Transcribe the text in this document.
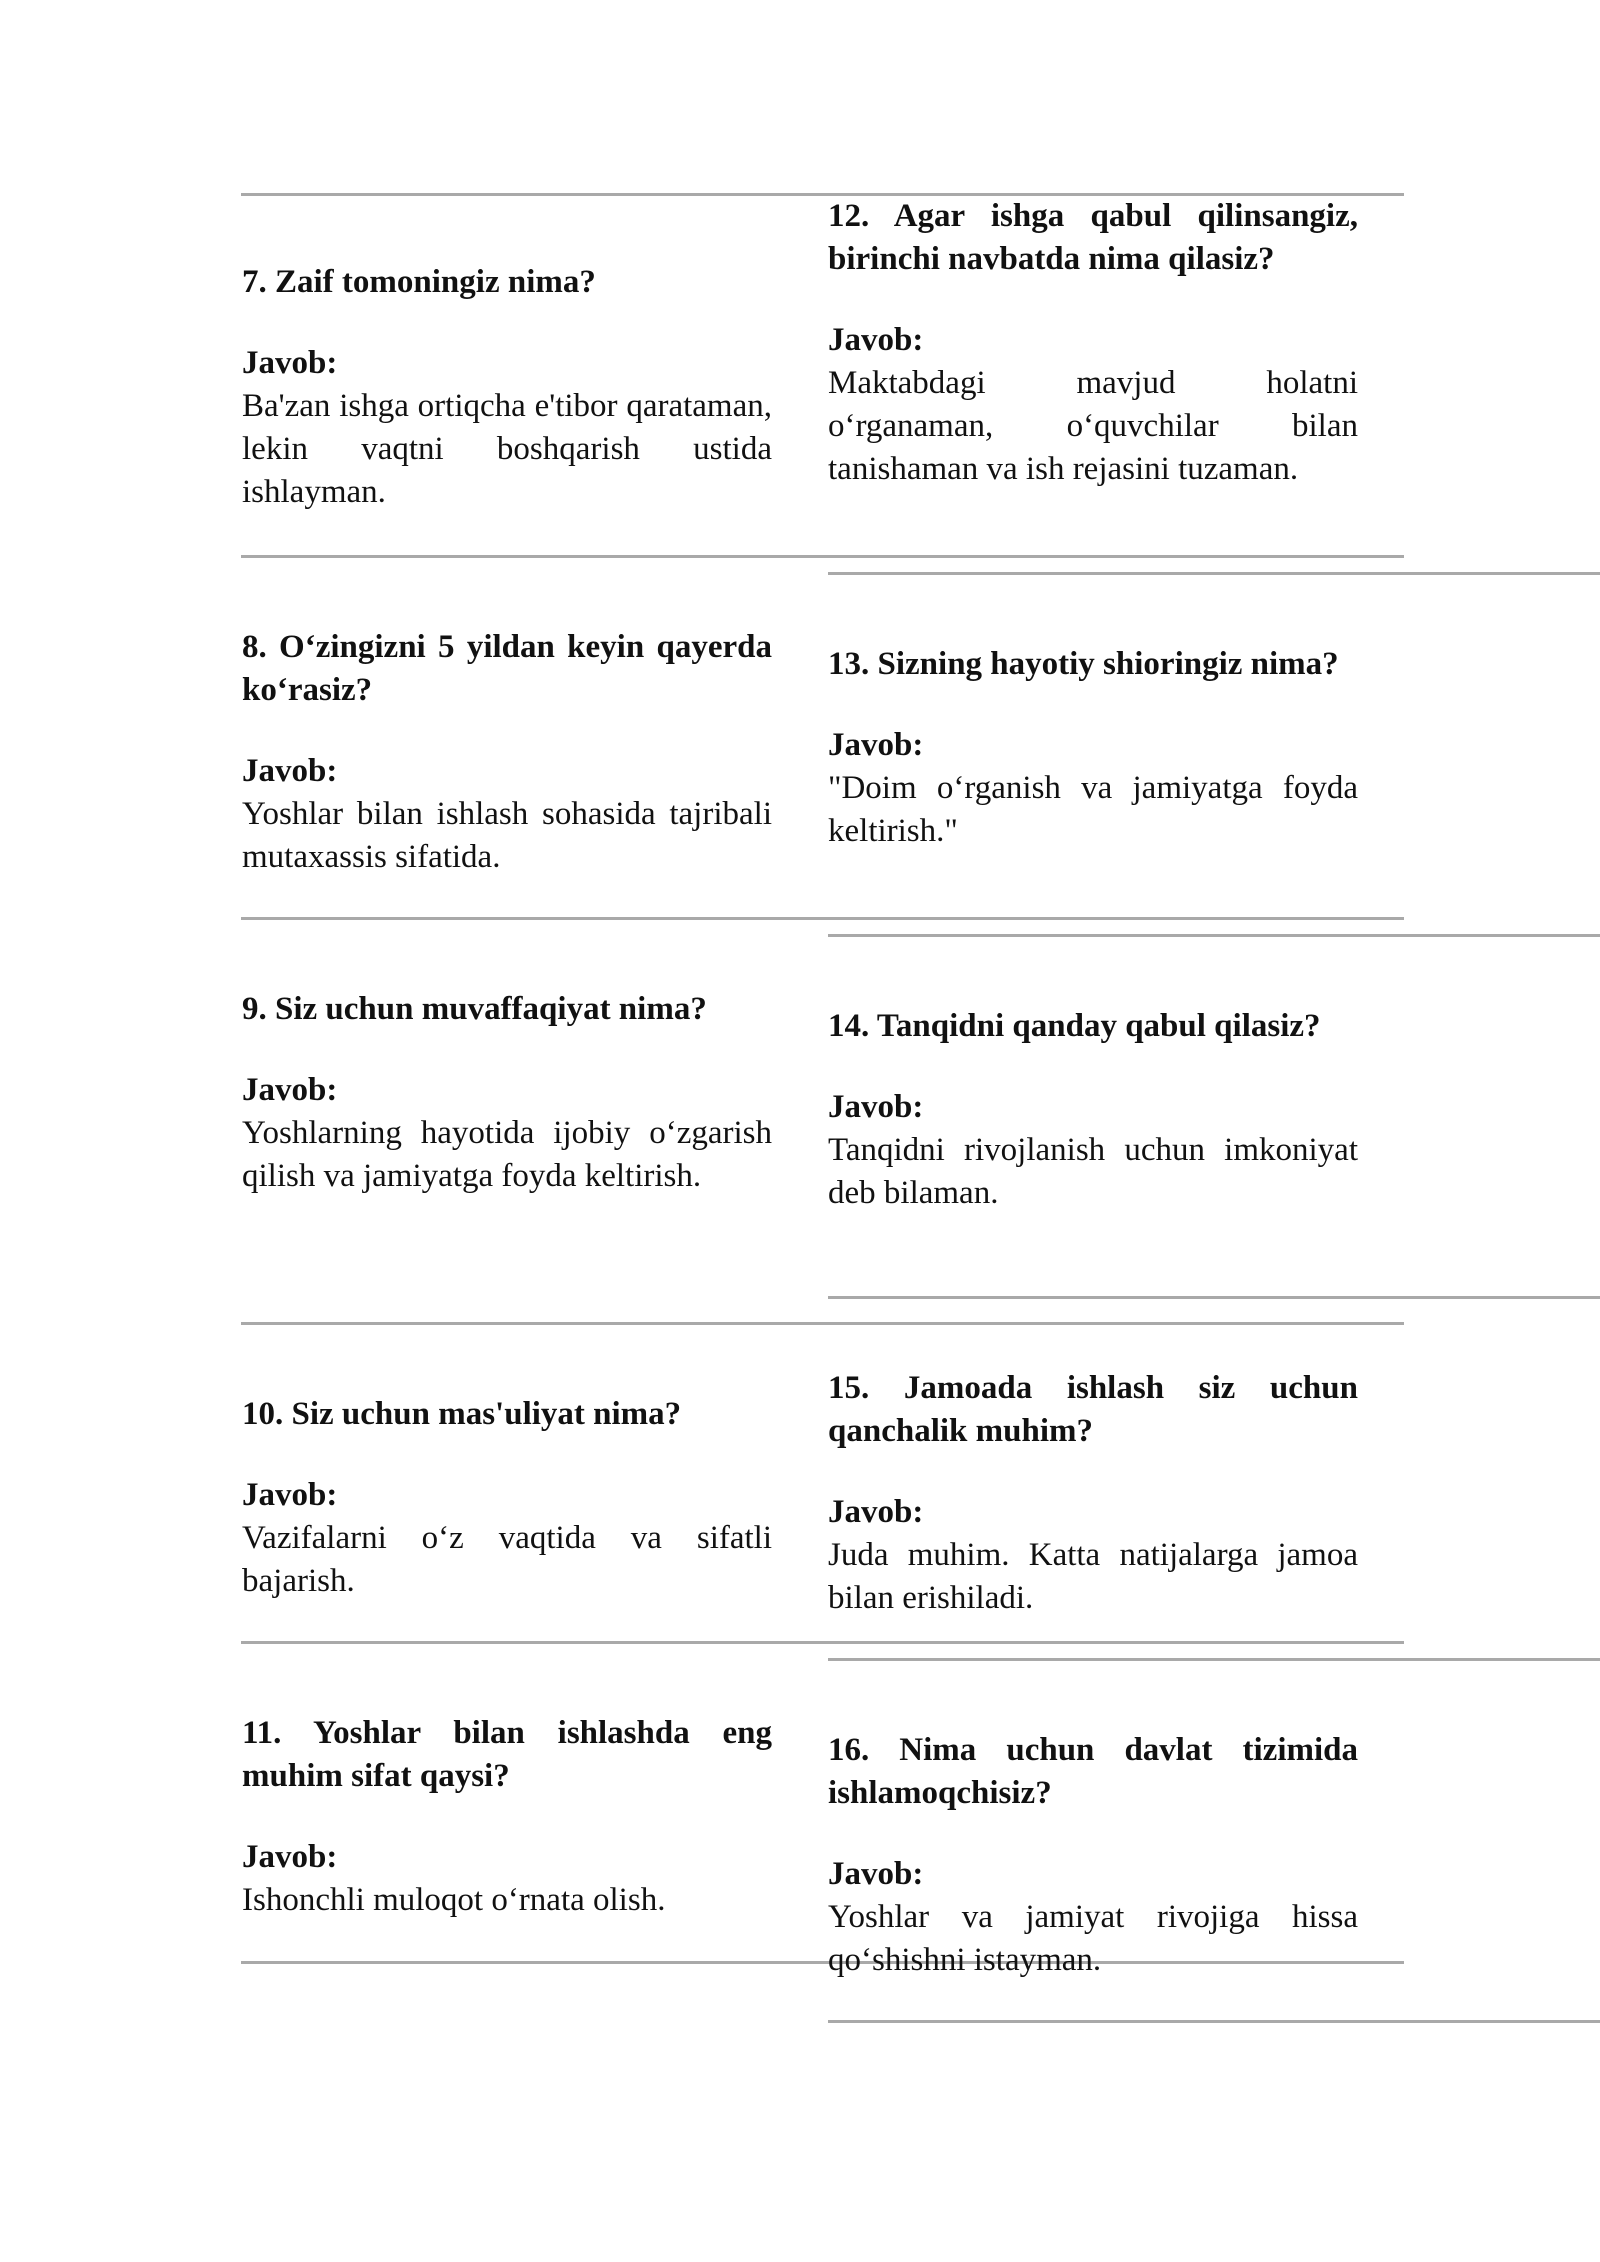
7. Zaif tomoningiz nima?

Javob:

Ba'zan ishga ortiqcha e'tibor qarataman, lekin vaqtni boshqarish ustida ishlayman.

8. O‘zingizni 5 yildan keyin qayerda ko‘rasiz?

Javob:

Yoshlar bilan ishlash sohasida tajribali mutaxassis sifatida.

9. Siz uchun muvaffaqiyat nima?

Javob:

Yoshlarning hayotida ijobiy o‘zgarish qilish va jamiyatga foyda keltirish.

10. Siz uchun mas'uliyat nima?

Javob:

Vazifalarni o‘z vaqtida va sifatli bajarish.

11. Yoshlar bilan ishlashda eng muhim sifat qaysi?

Javob:

Ishonchli muloqot o‘rnata olish.

12. Agar ishga qabul qilinsangiz, birinchi navbatda nima qilasiz?

Javob:

Maktabdagi mavjud holatni o‘rganaman, o‘quvchilar bilan tanishaman va ish rejasini tuzaman.

13. Sizning hayotiy shioringiz nima?

Javob:

"Doim o‘rganish va jamiyatga foyda keltirish."

14. Tanqidni qanday qabul qilasiz?

Javob:

Tanqidni rivojlanish uchun imkoniyat deb bilaman.

15. Jamoada ishlash siz uchun qanchalik muhim?

Javob:

Juda muhim. Katta natijalarga jamoa bilan erishiladi.

16. Nima uchun davlat tizimida ishlamoqchisiz?

Javob:

Yoshlar va jamiyat rivojiga hissa qo‘shishni istayman.
